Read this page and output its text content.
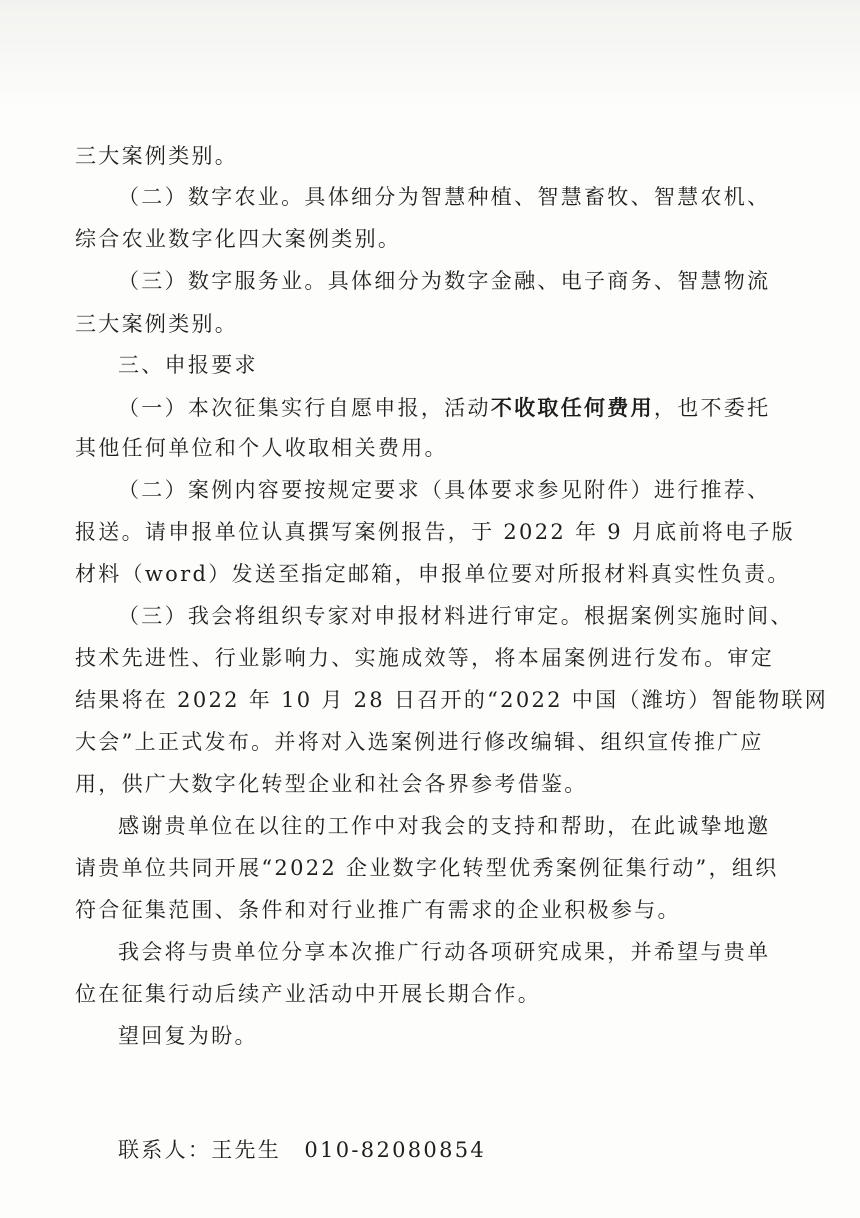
三大案例类别。
（二）数字农业。具体细分为智慧种植、智慧畜牧、智慧农机、
综合农业数字化四大案例类别。
（三）数字服务业。具体细分为数字金融、电子商务、智慧物流
三大案例类别。
三、申报要求
（一）本次征集实行自愿申报，活动不收取任何费用，也不委托
其他任何单位和个人收取相关费用。
（二）案例内容要按规定要求（具体要求参见附件）进行推荐、
报送。请申报单位认真撰写案例报告，于 2022 年 9 月底前将电子版
材料（word）发送至指定邮箱，申报单位要对所报材料真实性负责。
（三）我会将组织专家对申报材料进行审定。根据案例实施时间、
技术先进性、行业影响力、实施成效等，将本届案例进行发布。审定
结果将在 2022 年 10 月 28 日召开的“2022 中国（潍坊）智能物联网
大会”上正式发布。并将对入选案例进行修改编辑、组织宣传推广应
用，供广大数字化转型企业和社会各界参考借鉴。
感谢贵单位在以往的工作中对我会的支持和帮助，在此诚挚地邀
请贵单位共同开展“2022 企业数字化转型优秀案例征集行动”，组织
符合征集范围、条件和对行业推广有需求的企业积极参与。
我会将与贵单位分享本次推广行动各项研究成果，并希望与贵单
位在征集行动后续产业活动中开展长期合作。
望回复为盼。
联系人：王先生　010-82080854
